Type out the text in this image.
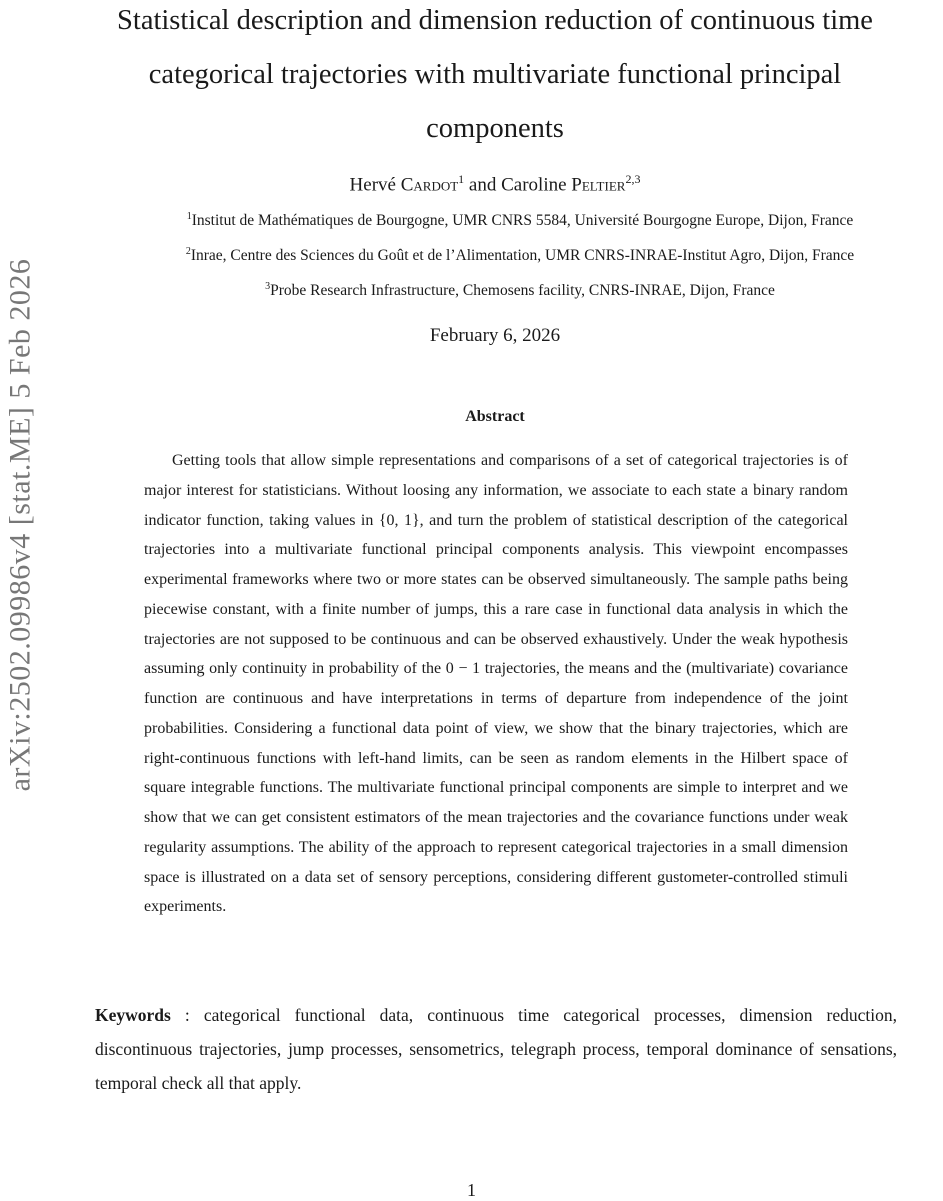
arXiv:2502.09986v4 [stat.ME] 5 Feb 2026
Statistical description and dimension reduction of continuous time categorical trajectories with multivariate functional principal components
Hervé Cardot$^1$ and Caroline Peltier$^{2,3}$
$^1$Institut de Mathématiques de Bourgogne, UMR CNRS 5584, Université Bourgogne Europe, Dijon, France
$^2$Inrae, Centre des Sciences du Goût et de l’Alimentation, UMR CNRS-INRAE-Institut Agro, Dijon, France
$^3$Probe Research Infrastructure, Chemosens facility, CNRS-INRAE, Dijon, France
February 6, 2026
Abstract

Getting tools that allow simple representations and comparisons of a set of categorical trajectories is of major interest for statisticians. Without loosing any information, we associate to each state a binary random indicator function, taking values in {0, 1}, and turn the problem of statistical description of the categorical trajectories into a multivariate functional principal components analysis. This viewpoint encompasses experimental frameworks where two or more states can be observed simultaneously. The sample paths being piecewise constant, with a finite number of jumps, this a rare case in functional data analysis in which the trajectories are not supposed to be continuous and can be observed exhaustively. Under the weak hypothesis assuming only continuity in probability of the 0 − 1 trajectories, the means and the (multivariate) covariance function are continuous and have interpretations in terms of departure from independence of the joint probabilities. Considering a functional data point of view, we show that the binary trajectories, which are right-continuous functions with left-hand limits, can be seen as random elements in the Hilbert space of square integrable functions. The multivariate functional principal components are simple to interpret and we show that we can get consistent estimators of the mean trajectories and the covariance functions under weak regularity assumptions. The ability of the approach to represent categorical trajectories in a small dimension space is illustrated on a data set of sensory perceptions, considering different gustometer-controlled stimuli experiments.

Keywords : categorical functional data, continuous time categorical processes, dimension reduction, discontinuous trajectories, jump processes, sensometrics, telegraph process, temporal dominance of sensations, temporal check all that apply.

1
